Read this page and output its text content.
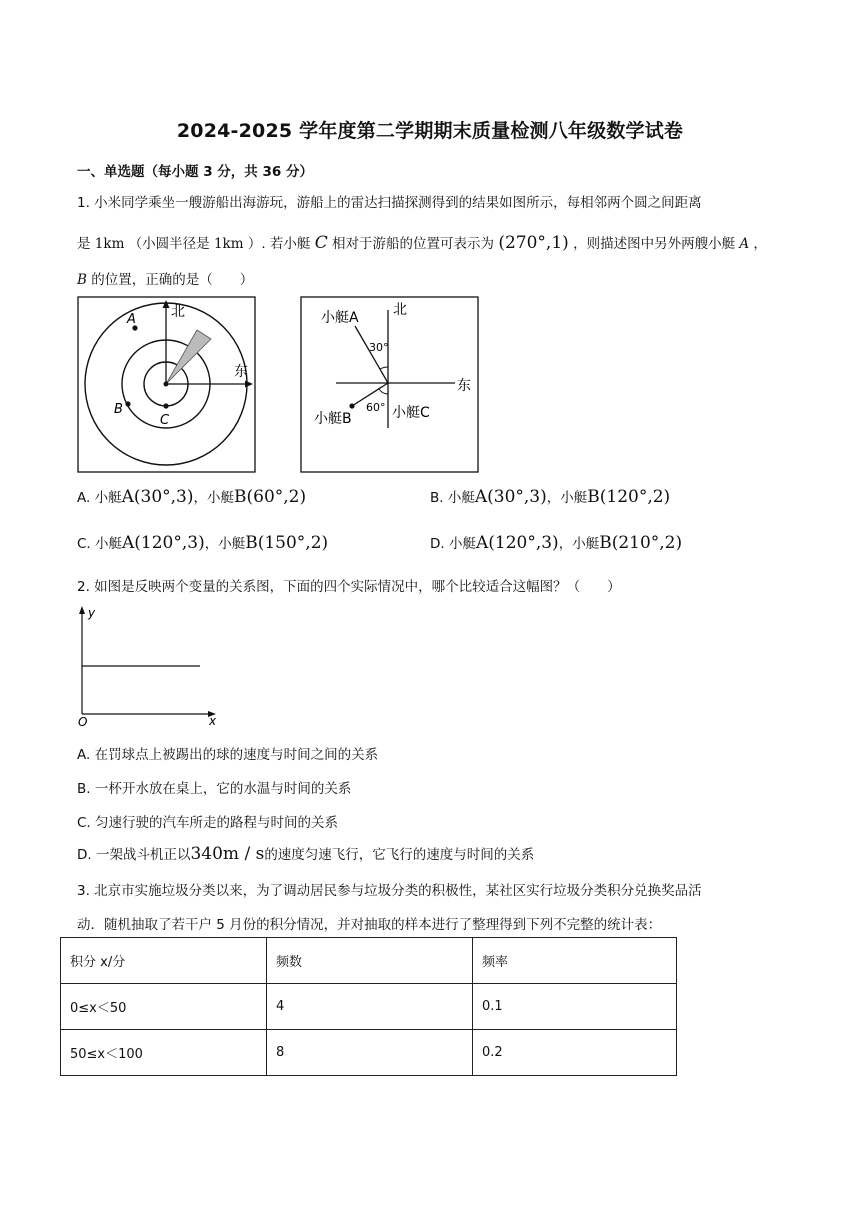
2024-2025 学年度第二学期期末质量检测八年级数学试卷
一、单选题（每小题 3 分，共 36 分）
1. 小米同学乘坐一艘游船出海游玩，游船上的雷达扫描探测得到的结果如图所示，每相邻两个圆之间距离
是 1km （小圆半径是 1km ）. 若小艇 C 相对于游船的位置可表示为 (270°,1) ，则描述图中另外两艘小艇 A ，
B 的位置，正确的是（　　）
北
东
A
B
C
北
东
小艇A
小艇B	小艇C
30°
60°
A. 小艇A(30°,3)，小艇B(60°,2)	B. 小艇A(30°,3)，小艇B(120°,2)
C. 小艇A(120°,3)，小艇B(150°,2)	D. 小艇A(120°,3)，小艇B(210°,2)
2. 如图是反映两个变量的关系图，下面的四个实际情况中，哪个比较适合这幅图？（　　）
y
x
O
A. 在罚球点上被踢出的球的速度与时间之间的关系
B. 一杯开水放在桌上，它的水温与时间的关系
C. 匀速行驶的汽车所走的路程与时间的关系
D. 一架战斗机正以340m / s的速度匀速飞行，它飞行的速度与时间的关系
3. 北京市实施垃圾分类以来，为了调动居民参与垃圾分类的积极性，某社区实行垃圾分类积分兑换奖品活
动．随机抽取了若干户 5 月份的积分情况，并对抽取的样本进行了整理得到下列不完整的统计表：
积分 x/分	频数	频率
0≤x＜50	4	0.1
50≤x＜100	8	0.2
